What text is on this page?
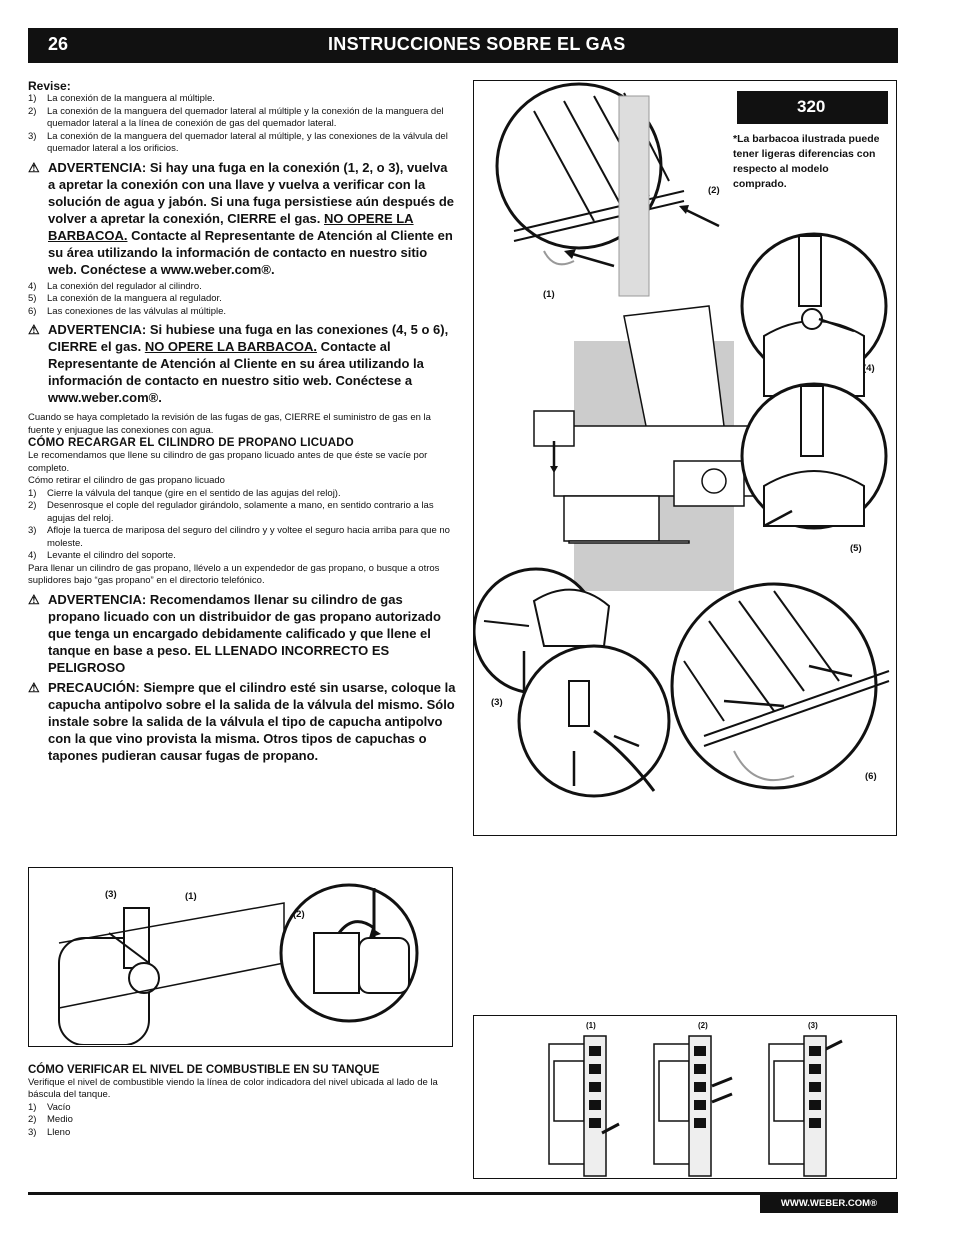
26	INSTRUCCIONES SOBRE EL GAS

Revise:

1) La conexión de la manguera al múltiple.
2) La conexión de la manguera del quemador lateral al múltiple y la conexión de la manguera del quemador lateral a la línea de conexión de gas del quemador lateral.
3) La conexión de la manguera del quemador lateral al múltiple, y las conexiones de la válvula del quemador lateral a los orificios.
⚠ ADVERTENCIA: Si hay una fuga en la conexión (1, 2, o 3), vuelva a apretar la conexión con una llave y vuelva a verificar con la solución de agua y jabón. Si una fuga persistiese aún después de volver a apretar la conexión, CIERRE el gas. NO OPERE LA BARBACOA. Contacte al Representante de Atención al Cliente en su área utilizando la información de contacto en nuestro sitio web. Conéctese a www.weber.com®.
4) La conexión del regulador al cilindro.
5) La conexión de la manguera al regulador.
6) Las conexiones de las válvulas al múltiple.
⚠ ADVERTENCIA: Si hubiese una fuga en las conexiones (4, 5 o 6), CIERRE el gas. NO OPERE LA BARBACOA. Contacte al Representante de Atención al Cliente en su área utilizando la información de contacto en nuestro sitio web. Conéctese a www.weber.com®.

Cuando se haya completado la revisión de las fugas de gas, CIERRE el suministro de gas en la fuente y enjuague las conexiones con agua.

CÓMO RECARGAR EL CILINDRO DE PROPANO LICUADO

Le recomendamos que llene su cilindro de gas propano licuado antes de que éste se vacíe por completo.

Cómo retirar el cilindro de gas propano licuado

1) Cierre la válvula del tanque (gire en el sentido de las agujas del reloj).
2) Desenrosque el cople del regulador girándolo, solamente a mano, en sentido contrario a las agujas del reloj.
3) Afloje la tuerca de mariposa del seguro del cilindro y y voltee el seguro hacia arriba para que no moleste.
4) Levante el cilindro del soporte.

Para llenar un cilindro de gas propano, llévelo a un expendedor de gas propano, o busque a otros suplidores bajo “gas propano” en el directorio telefónico.

⚠ ADVERTENCIA: Recomendamos llenar su cilindro de gas propano licuado con un distribuidor de gas propano autorizado que tenga un encargado debidamente calificado y que llene el tanque en base a peso. EL LLENADO INCORRECTO ES PELIGROSO
⚠ PRECAUCIÓN: Siempre que el cilindro esté sin usarse, coloque la capucha antipolvo sobre el la salida de la válvula del mismo. Sólo instale sobre la salida de la válvula el tipo de capucha antipolvo con la que vino provista la misma. Otros tipos de capuchas o tapones pudieran causar fugas de propano.
320
*La barbacoa ilustrada puede tener ligeras diferencias con respecto al modelo comprado.
(1)
(2)
(3)
(4)
(5)
(6)
(3)	(1)
(2)

CÓMO VERIFICAR EL NIVEL DE COMBUSTIBLE EN SU TANQUE

Verifique el nivel de combustible viendo la línea de color indicadora del nivel ubicada al lado de la báscula del tanque.

1) Vacío
2) Medio
3) Lleno
(1)	(2)	(3)
WWW.WEBER.COM®
